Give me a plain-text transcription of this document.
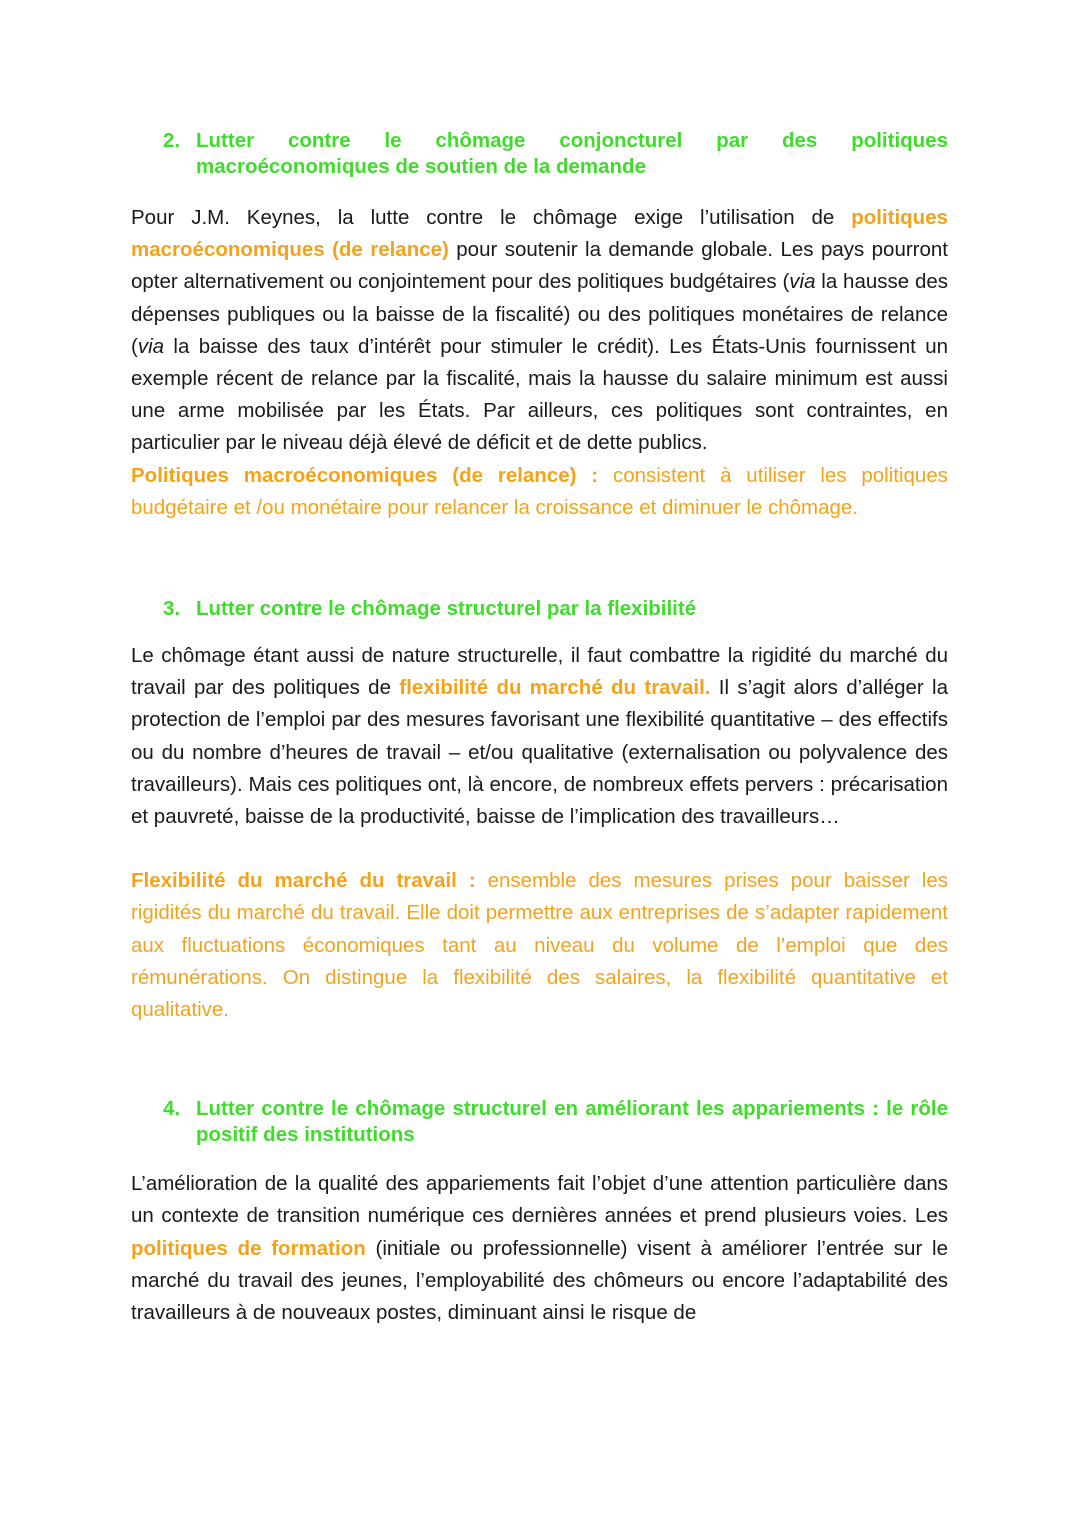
2. Lutter contre le chômage conjoncturel par des politiques macroéconomiques de soutien de la demande

Pour J.M. Keynes, la lutte contre le chômage exige l’utilisation de politiques macroéconomiques (de relance) pour soutenir la demande globale. Les pays pourront opter alternativement ou conjointement pour des politiques budgétaires (via la hausse des dépenses publiques ou la baisse de la fiscalité) ou des politiques monétaires de relance (via la baisse des taux d’intérêt pour stimuler le crédit). Les États-Unis fournissent un exemple récent de relance par la fiscalité, mais la hausse du salaire minimum est aussi une arme mobilisée par les États. Par ailleurs, ces politiques sont contraintes, en particulier par le niveau déjà élevé de déficit et de dette publics.

Politiques macroéconomiques (de relance) : consistent à utiliser les politiques budgétaire et /ou monétaire pour relancer la croissance et diminuer le chômage.

3. Lutter contre le chômage structurel par la flexibilité

Le chômage étant aussi de nature structurelle, il faut combattre la rigidité du marché du travail par des politiques de flexibilité du marché du travail. Il s’agit alors d’alléger la protection de l’emploi par des mesures favorisant une flexibilité quantitative – des effectifs ou du nombre d’heures de travail – et/ou qualitative (externalisation ou polyvalence des travailleurs). Mais ces politiques ont, là encore, de nombreux effets pervers : précarisation et pauvreté, baisse de la productivité, baisse de l’implication des travailleurs…

Flexibilité du marché du travail : ensemble des mesures prises pour baisser les rigidités du marché du travail. Elle doit permettre aux entreprises de s’adapter rapidement aux fluctuations économiques tant au niveau du volume de l’emploi que des rémunérations. On distingue la flexibilité des salaires, la flexibilité quantitative et qualitative.

4. Lutter contre le chômage structurel en améliorant les appariements : le rôle positif des institutions

L’amélioration de la qualité des appariements fait l’objet d’une attention particulière dans un contexte de transition numérique ces dernières années et prend plusieurs voies. Les politiques de formation (initiale ou professionnelle) visent à améliorer l’entrée sur le marché du travail des jeunes, l’employabilité des chômeurs ou encore l’adaptabilité des travailleurs à de nouveaux postes, diminuant ainsi le risque de
